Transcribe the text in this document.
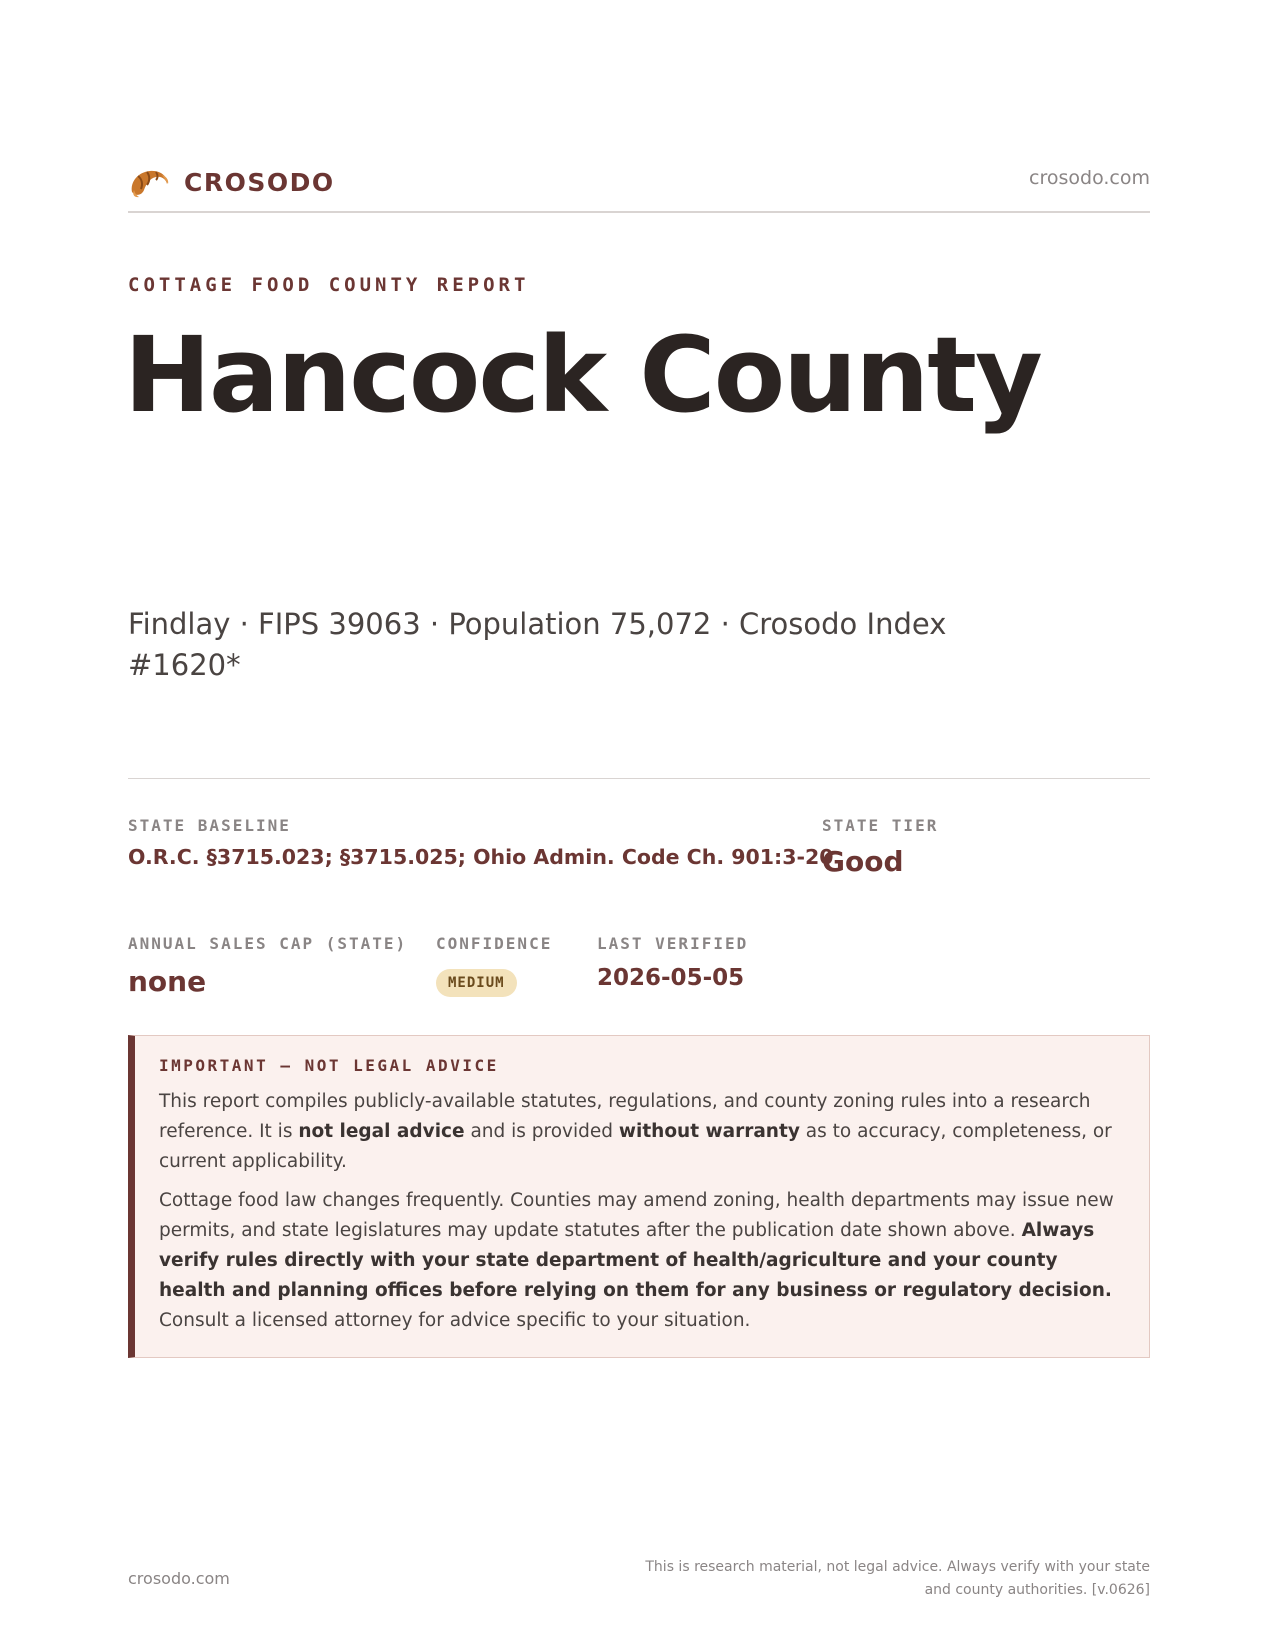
CROSODO	crosodo.com
COTTAGE FOOD COUNTY REPORT
Hancock County
Findlay · FIPS 39063 · Population 75,072 · Crosodo Index #1620*
STATE BASELINE
O.R.C. §3715.023; §3715.025; Ohio Admin. Code Ch. 901:3-20
STATE TIER
Good
ANNUAL SALES CAP (STATE)
none
CONFIDENCE
MEDIUM
LAST VERIFIED
2026-05-05
IMPORTANT — NOT LEGAL ADVICE

This report compiles publicly-available statutes, regulations, and county zoning rules into a research reference. It is not legal advice and is provided without warranty as to accuracy, completeness, or current applicability.

Cottage food law changes frequently. Counties may amend zoning, health departments may issue new permits, and state legislatures may update statutes after the publication date shown above. Always verify rules directly with your state department of health/agriculture and your county health and planning offices before relying on them for any business or regulatory decision. Consult a licensed attorney for advice specific to your situation.

crosodo.com
This is research material, not legal advice. Always verify with your state and county authorities. [v.0626]
